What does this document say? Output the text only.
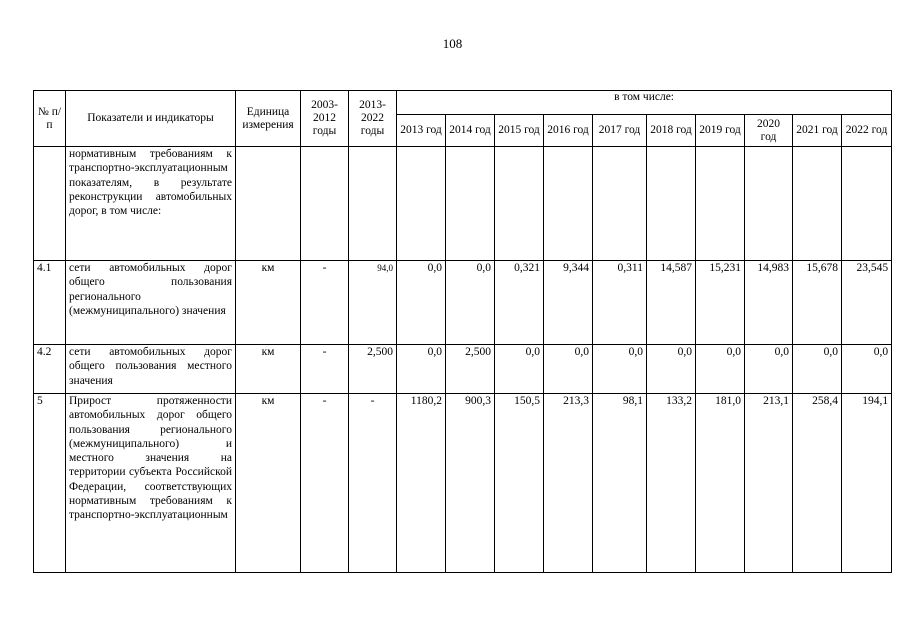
108
№ п/п	Показатели и индикаторы	Единица измерения	2003-2012 годы	2013-2022 годы	в том числе:									
					2013 год	2014 год	2015 год	2016 год	2017 год	2018 год	2019 год	2020 год	2021 год	2022 год
	нормативным требованиям к транспортно-эксплуатационным показателям, в результате реконструкции автомобильных дорог, в том числе:													
4.1	сети автомобильных дорог общего пользования регионального (межмуниципального) значения	км	-	94,0	0,0	0,0	0,321	9,344	0,311	14,587	15,231	14,983	15,678	23,545
4.2	сети автомобильных дорог общего пользования местного значения	км	-	2,500	0,0	2,500	0,0	0,0	0,0	0,0	0,0	0,0	0,0	0,0
5	Прирост протяженности автомобильных дорог общего пользования регионального (межмуниципального) и местного значения на территории субъекта Российской Федерации, соответствующих нормативным требованиям к транспортно-эксплуатационным	км	-	-	1180,2	900,3	150,5	213,3	98,1	133,2	181,0	213,1	258,4	194,1
